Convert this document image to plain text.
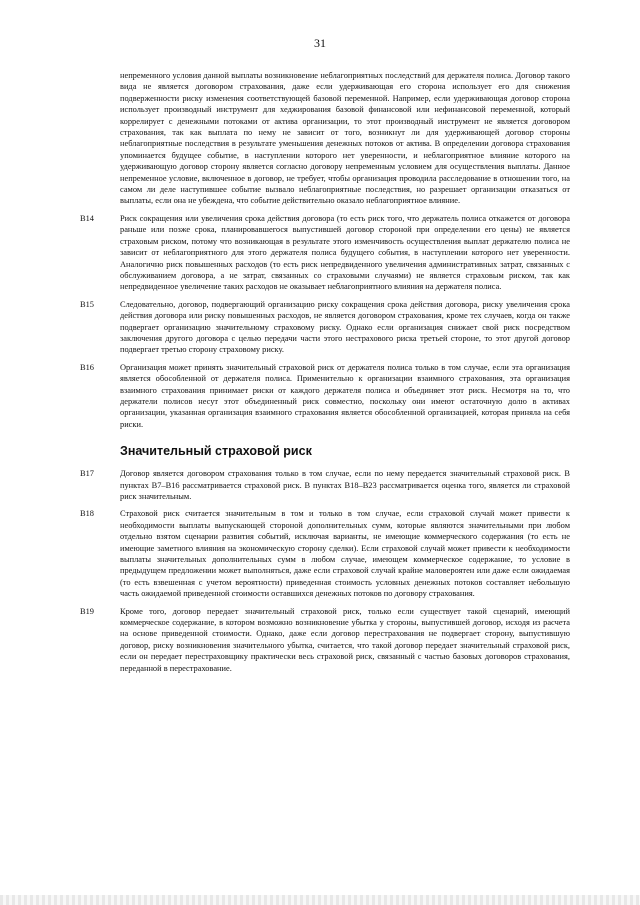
31
непременного условия данной выплаты возникновение неблагоприятных последствий для держателя полиса. Договор такого вида не является договором страхования, даже если удерживающая его сторона использует его для снижения подверженности риску изменения соответствующей базовой переменной. Например, если удерживающая договор сторона использует производный инструмент для хеджирования базовой финансовой или нефинансовой переменной, который коррелирует с денежными потоками от актива организации, то этот производный инструмент не является договором страхования, так как выплата по нему не зависит от того, возникнут ли для удерживающей договор стороны неблагоприятные последствия в результате уменьшения денежных потоков от актива. В определении договора страхования упоминается будущее событие, в наступлении которого нет уверенности, и неблагоприятное влияние которого на удерживающую договор сторону является согласно договору непременным условием для осуществления выплаты. Данное непременное условие, включенное в договор, не требует, чтобы организация проводила расследование в отношении того, на самом ли деле наступившее событие вызвало неблагоприятные последствия, но разрешает организации отказаться от выплаты, если она не убеждена, что событие действительно оказало неблагоприятное влияние.
B14	Риск сокращения или увеличения срока действия договора (то есть риск того, что держатель полиса откажется от договора раньше или позже срока, планировавшегося выпустившей договор стороной при определении его цены) не является страховым риском, потому что возникающая в результате этого изменчивость осуществления выплат держателю полиса не зависит от неблагоприятного для этого держателя полиса будущего события, в наступлении которого нет уверенности. Аналогично риск повышенных расходов (то есть риск непредвиденного увеличения административных затрат, связанных с обслуживанием договора, а не затрат, связанных со страховыми случаями) не является страховым риском, так как непредвиденное увеличение таких расходов не оказывает неблагоприятного влияния на держателя полиса.
B15	Следовательно, договор, подвергающий организацию риску сокращения срока действия договора, риску увеличения срока действия договора или риску повышенных расходов, не является договором страхования, кроме тех случаев, когда он также подвергает организацию значительному страховому риску. Однако если организация снижает свой риск посредством заключения другого договора с целью передачи части этого нестрахового риска третьей стороне, то этот другой договор подвергает третью сторону страховому риску.
B16	Организация может принять значительный страховой риск от держателя полиса только в том случае, если эта организация является обособленной от держателя полиса. Применительно к организации взаимного страхования, эта организация взаимного страхования принимает риски от каждого держателя полиса и объединяет этот риск. Несмотря на то, что держатели полисов несут этот объединенный риск совместно, поскольку они имеют остаточную долю в активах организации, указанная организация взаимного страхования является обособленной организацией, которая приняла на себя риски.
Значительный страховой риск
B17	Договор является договором страхования только в том случае, если по нему передается значительный страховой риск. В пунктах B7–B16 рассматривается страховой риск. В пунктах B18–B23 рассматривается оценка того, является ли страховой риск значительным.
B18	Страховой риск считается значительным в том и только в том случае, если страховой случай может привести к необходимости выплаты выпускающей стороной дополнительных сумм, которые являются значительными при любом отдельно взятом сценарии развития событий, исключая варианты, не имеющие коммерческого содержания (то есть не имеющие заметного влияния на экономическую сторону сделки). Если страховой случай может привести к необходимости выплаты значительных дополнительных сумм в любом случае, имеющем коммерческое содержание, то условие в предыдущем предложении может выполняться, даже если страховой случай крайне маловероятен или даже если ожидаемая (то есть взвешенная с учетом вероятности) приведенная стоимость условных денежных потоков составляет небольшую часть ожидаемой приведенной стоимости оставшихся денежных потоков по договору страхования.
B19	Кроме того, договор передает значительный страховой риск, только если существует такой сценарий, имеющий коммерческое содержание, в котором возможно возникновение убытка у стороны, выпустившей договор, исходя из расчета на основе приведенной стоимости. Однако, даже если договор перестрахования не подвергает сторону, выпустившую договор, риску возникновения значительного убытка, считается, что такой договор передает значительный страховой риск, если он передает перестраховщику практически весь страховой риск, связанный с частью базовых договоров страхования, переданной в перестрахование.
